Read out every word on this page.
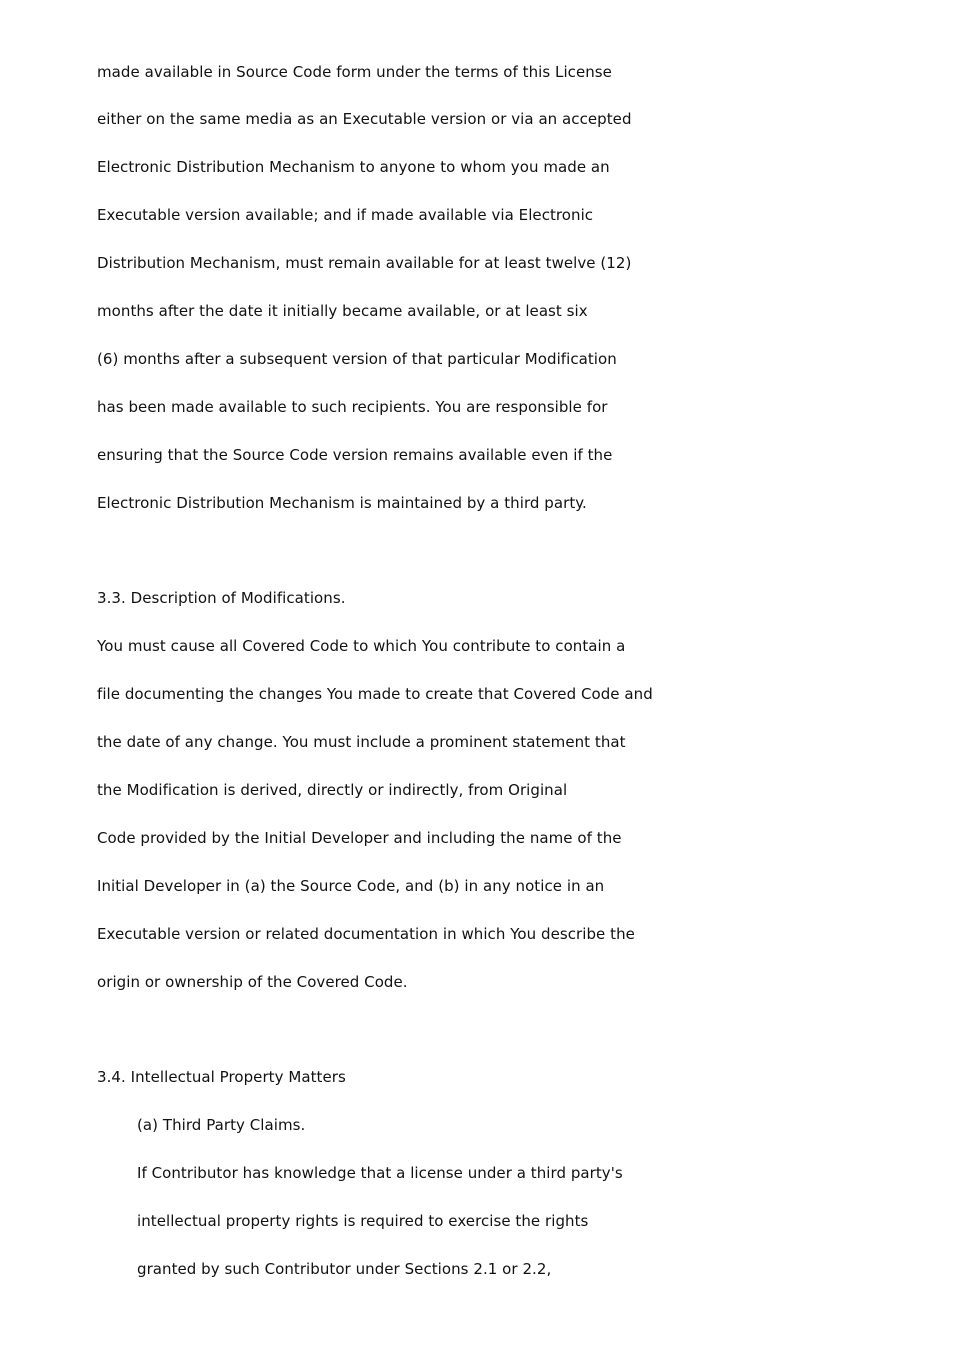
made available in Source Code form under the terms of this License
either on the same media as an Executable version or via an accepted
Electronic Distribution Mechanism to anyone to whom you made an
Executable version available; and if made available via Electronic
Distribution Mechanism, must remain available for at least twelve (12)
months after the date it initially became available, or at least six
(6) months after a subsequent version of that particular Modification
has been made available to such recipients. You are responsible for
ensuring that the Source Code version remains available even if the
Electronic Distribution Mechanism is maintained by a third party.
3.3. Description of Modifications.
You must cause all Covered Code to which You contribute to contain a
file documenting the changes You made to create that Covered Code and
the date of any change. You must include a prominent statement that
the Modification is derived, directly or indirectly, from Original
Code provided by the Initial Developer and including the name of the
Initial Developer in (a) the Source Code, and (b) in any notice in an
Executable version or related documentation in which You describe the
origin or ownership of the Covered Code.
3.4. Intellectual Property Matters
(a) Third Party Claims.
If Contributor has knowledge that a license under a third party's
intellectual property rights is required to exercise the rights
granted by such Contributor under Sections 2.1 or 2.2,
